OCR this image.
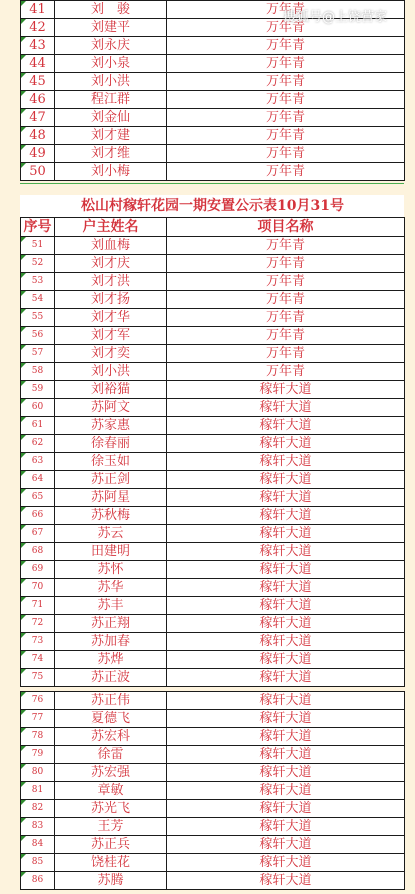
41	刘　骏	万年青
42	刘建平	万年青
43	刘永庆	万年青
44	刘小泉	万年青
45	刘小洪	万年青
46	程江群	万年青
47	刘金仙	万年青
48	刘才建	万年青
49	刘才维	万年青
50	刘小梅	万年青
松山村稼轩花园一期安置公示表10月31号		
序号	户主姓名	项目名称
51	刘血梅	万年青
52	刘才庆	万年青
53	刘才洪	万年青
54	刘才扬	万年青
55	刘才华	万年青
56	刘才军	万年青
57	刘才奕	万年青
58	刘小洪	万年青
59	刘裕猫	稼轩大道
60	苏阿文	稼轩大道
61	苏家惠	稼轩大道
62	徐春丽	稼轩大道
63	徐玉如	稼轩大道
64	苏正剑	稼轩大道
65	苏阿星	稼轩大道
66	苏秋梅	稼轩大道
67	苏云	稼轩大道
68	田建明	稼轩大道
69	苏怀	稼轩大道
70	苏华	稼轩大道
71	苏丰	稼轩大道
72	苏正翔	稼轩大道
73	苏加春	稼轩大道
74	苏烨	稼轩大道
75	苏正波	稼轩大道
76	苏正伟	稼轩大道
77	夏德飞	稼轩大道
78	苏宏科	稼轩大道
79	徐雷	稼轩大道
80	苏宏强	稼轩大道
81	章敏	稼轩大道
82	苏光飞	稼轩大道
83	王芳	稼轩大道
84	苏正兵	稼轩大道
85	饶桂花	稼轩大道
86	苏腾	稼轩大道
搜狐号@上饶营家
